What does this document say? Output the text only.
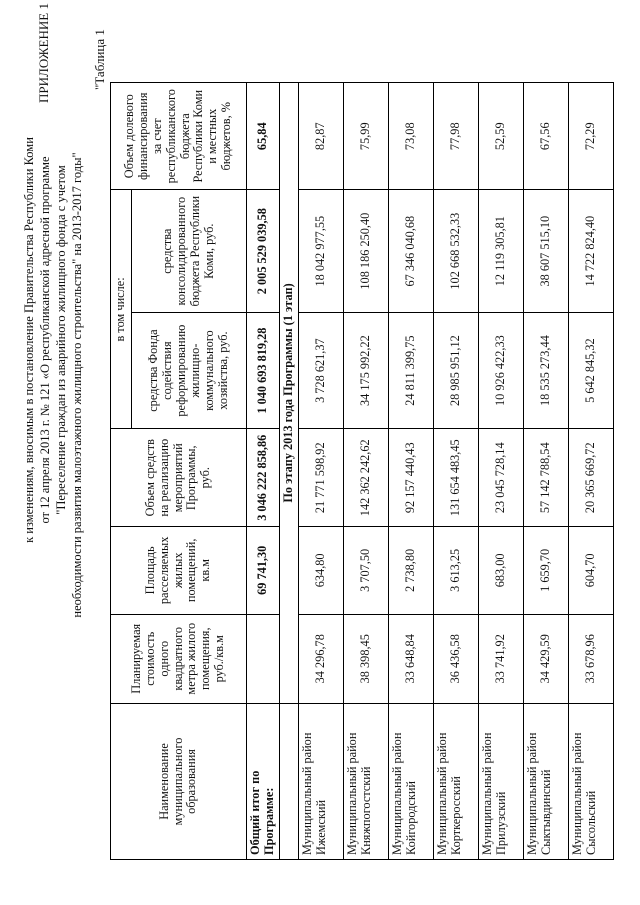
ПРИЛОЖЕНИЕ 1
к изменениям, вносимым в постановление Правительства Республики Коми от 12 апреля 2013 г. № 121 «О республиканской адресной программе "Переселение граждан из аварийного жилищного фонда с учетом необходимости развития малоэтажного жилищного строительства" на 2013-2017 годы"
"Таблица 1
Наименование муниципального образования	Планируемая стоимость одного квадратного метра жилого помещения, руб./кв.м	Площадь расселяемых жилых помещений, кв.м	Объем средств на реализацию мероприятий Программы, руб.	в том числе:		Объем долевого финансирования за счет республиканского бюджета Республики Коми и местных бюджетов, %
				средства Фонда содействия реформированию жилищно-коммунального хозяйства, руб.	средства консолидированного бюджета Республики Коми, руб.	
Общий итог по Программе:		69 741,30	3 046 222 858,86	1 040 693 819,28	2 005 529 039,58	65,84
	По этапу 2013 года Программы (1 этап)					
Муниципальный район Ижемский	34 296,78	634,80	21 771 598,92	3 728 621,37	18 042 977,55	82,87
Муниципальный район Княжпогостский	38 398,45	3 707,50	142 362 242,62	34 175 992,22	108 186 250,40	75,99
Муниципальный район Койгородский	33 648,84	2 738,80	92 157 440,43	24 811 399,75	67 346 040,68	73,08
Муниципальный район Корткеросский	36 436,58	3 613,25	131 654 483,45	28 985 951,12	102 668 532,33	77,98
Муниципальный район Прилузский	33 741,92	683,00	23 045 728,14	10 926 422,33	12 119 305,81	52,59
Муниципальный район Сыктывдинский	34 429,59	1 659,70	57 142 788,54	18 535 273,44	38 607 515,10	67,56
Муниципальный район Сысольский	33 678,96	604,70	20 365 669,72	5 642 845,32	14 722 824,40	72,29
